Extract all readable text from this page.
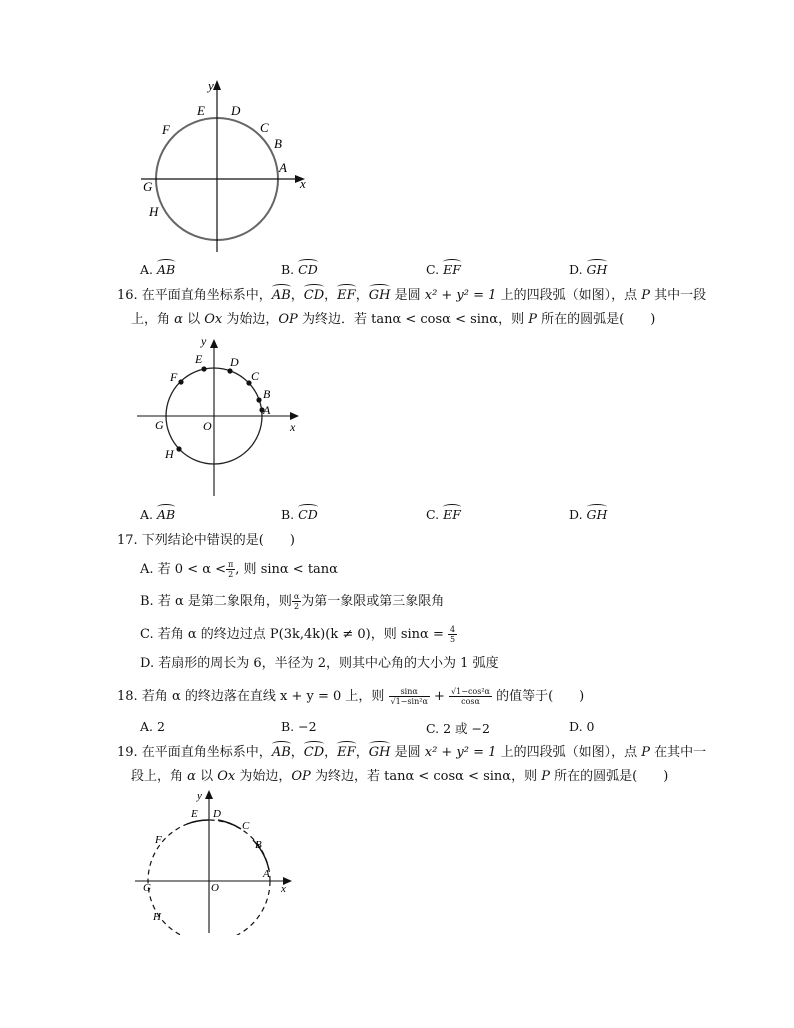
y
x
E D
F	C
B
A
G
H
A. AB	B. CD	C. EF	D. GH
16. 在平面直角坐标系中，AB，CD，EF，GH 是圆 x² + y² = 1 上的四段弧（如图），点 P 其中一段
上，角 α 以 Ox 为始边，OP 为终边．若 tanα < cosα < sinα，则 P 所在的圆弧是(　　)
y
x
O
E D
F	C
B
A
G
H
A. AB	B. CD	C. EF	D. GH
17. 下列结论中错误的是(　　)
A. 若 $0 < \alpha < \frac{\pi}{2}$ , 则 sinα < tanα
B. 若 α 是第二象限角，则 $\frac{\alpha}{2}$ 为第一象限或第三象限角
C. 若角 α 的终边过点 P(3k,4k)(k ≠ 0)，则 $\sin\alpha = \frac{4}{5}$
D. 若扇形的周长为 6，半径为 2，则其中心角的大小为 1 弧度
18. 若角 α 的终边落在直线 x + y = 0 上，则 $\frac{\sin\alpha}{\text{√1−sin²α}} + \frac{\text{√1−cos²α}}{\cos\alpha}$ 的值等于(　　)
A. 2	B. −2	C. 2 或 −2	D. 0
19. 在平面直角坐标系中，AB，CD，EF，GH 是圆 x² + y² = 1 上的四段弧（如图），点 P 在其中一
段上，角 α 以 Ox 为始边，OP 为终边，若 tanα < cosα < sinα，则 P 所在的圆弧是(　　)
y
x
O
E D
F
C
B
A
G
H
